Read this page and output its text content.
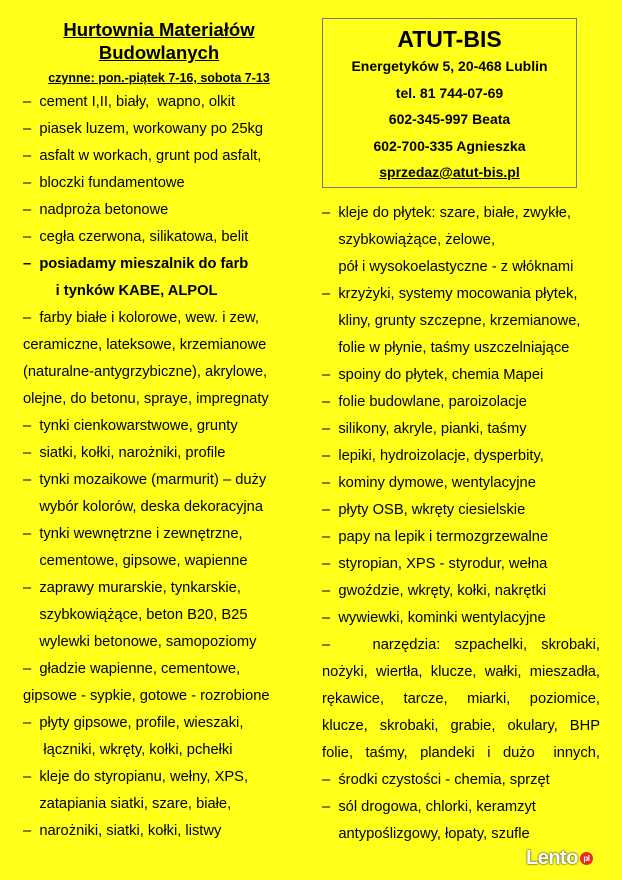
Hurtownia Materiałów
Budowlanych
czynne: pon.-piątek 7-16, sobota 7-13
–  cement I,II, biały,  wapno, olkit
–  piasek luzem, workowany po 25kg
–  asfalt w workach, grunt pod asfalt,
–  bloczki fundamentowe
–  nadproża betonowe
–  cegła czerwona, silikatowa, belit
–  posiadamy mieszalnik do farb
i tynków KABE, ALPOL
–  farby białe i kolorowe, wew. i zew,
ceramiczne, lateksowe, krzemianowe
(naturalne-antygrzybiczne), akrylowe,
olejne, do betonu, spraye, impregnaty
–  tynki cienkowarstwowe, grunty
–  siatki, kołki, narożniki, profile
–  tynki mozaikowe (marmurit) – duży
wybór kolorów, deska dekoracyjna
–  tynki wewnętrzne i zewnętrzne,
cementowe, gipsowe, wapienne
–  zaprawy murarskie, tynkarskie,
szybkowiążące, beton B20, B25
wylewki betonowe, samopoziomy
–  gładzie wapienne, cementowe,
gipsowe - sypkie, gotowe - rozrobione
–  płyty gipsowe, profile, wieszaki,
łączniki, wkręty, kołki, pchełki
–  kleje do styropianu, wełny, XPS,
zatapiania siatki, szare, białe,
–  narożniki, siatki, kołki, listwy
ATUT-BIS
Energetyków 5, 20-468 Lublin
tel. 81 744-07-69
602-345-997 Beata
602-700-335 Agnieszka
sprzedaz@atut-bis.pl
–  kleje do płytek: szare, białe, zwykłe,
szybkowiążące, żelowe,
pół i wysokoelastyczne - z włóknami
–  krzyżyki, systemy mocowania płytek,
kliny, grunty szczepne, krzemianowe,
folie w płynie, taśmy uszczelniające
–  spoiny do płytek, chemia Mapei
–  folie budowlane, paroizolacje
–  silikony, akryle, pianki, taśmy
–  lepiki, hydroizolacje, dysperbity,
–  kominy dymowe, wentylacyjne
–  płyty OSB, wkręty ciesielskie
–  papy na lepik i termozgrzewalne
–  styropian, XPS - styrodur, wełna
–  gwoździe, wkręty, kołki, nakrętki
–  wywiewki, kominki wentylacyjne
–      narzędzia:  szpachelki,  skrobaki,
nożyki, wiertła, klucze, wałki, mieszadła,
rękawice,   tarcze,   miarki,   poziomice,
klucze,  skrobaki,  grabie,  okulary,  BHP
folie,  taśmy,  plandeki  i  dużo   innych,
–  środki czystości - chemia, sprzęt
–  sól drogowa, chlorki, keramzyt
antypoślizgowy, łopaty, szufle
Lento pl
